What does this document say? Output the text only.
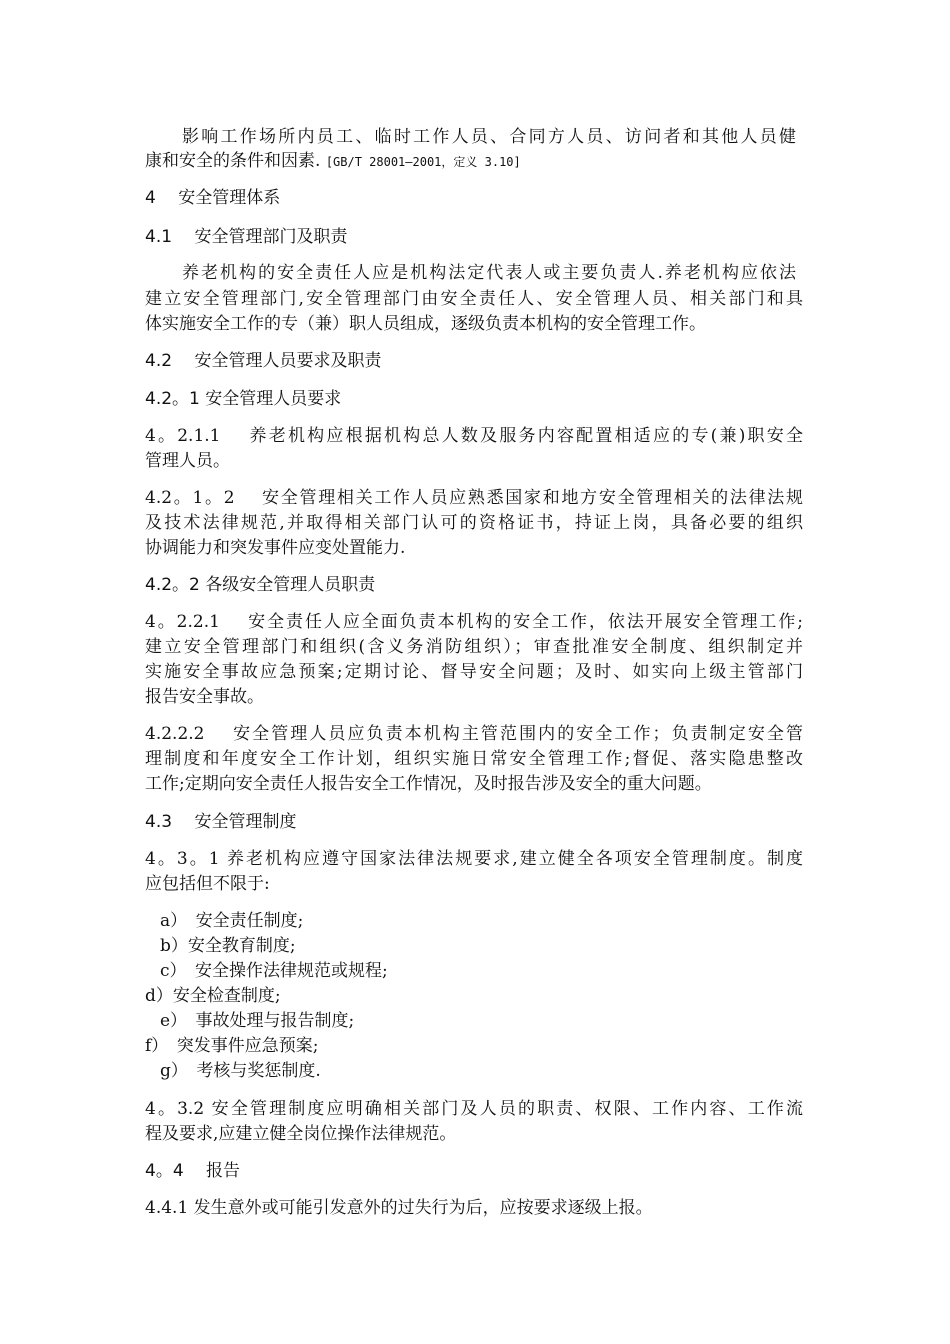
影响工作场所内员工、临时工作人员、合同方人员、访问者和其他人员健
康和安全的条件和因素. [GB/T 28001—2001，定义 3.10]
4　 安全管理体系
4.1　 安全管理部门及职责
养老机构的安全责任人应是机构法定代表人或主要负责人.养老机构应依法
建立安全管理部门,安全管理部门由安全责任人、安全管理人员、相关部门和具
体实施安全工作的专（兼）职人员组成，逐级负责本机构的安全管理工作。
4.2　 安全管理人员要求及职责
4.2。1 安全管理人员要求
4。2.1.1　 养老机构应根据机构总人数及服务内容配置相适应的专(兼)职安全
管理人员。
4.2。1。2　 安全管理相关工作人员应熟悉国家和地方安全管理相关的法律法规
及技术法律规范,并取得相关部门认可的资格证书，持证上岗，具备必要的组织
协调能力和突发事件应变处置能力.
4.2。2 各级安全管理人员职责
4。2.2.1　 安全责任人应全面负责本机构的安全工作，依法开展安全管理工作;
建立安全管理部门和组织(含义务消防组织）；审查批准安全制度、组织制定并
实施安全事故应急预案;定期讨论、督导安全问题；及时、如实向上级主管部门
报告安全事故。
4.2.2.2　 安全管理人员应负责本机构主管范围内的安全工作；负责制定安全管
理制度和年度安全工作计划，组织实施日常安全管理工作;督促、落实隐患整改
工作;定期向安全责任人报告安全工作情况，及时报告涉及安全的重大问题。
4.3　 安全管理制度
4。3。1 养老机构应遵守国家法律法规要求,建立健全各项安全管理制度。制度
应包括但不限于:
a）　安全责任制度;
b）安全教育制度;
c）　安全操作法律规范或规程;
d）安全检查制度;
e）　事故处理与报告制度;
f）　突发事件应急预案;
g）　考核与奖惩制度.
4。3.2 安全管理制度应明确相关部门及人员的职责、权限、工作内容、工作流
程及要求,应建立健全岗位操作法律规范。
4。4　 报告
4.4.1 发生意外或可能引发意外的过失行为后，应按要求逐级上报。
